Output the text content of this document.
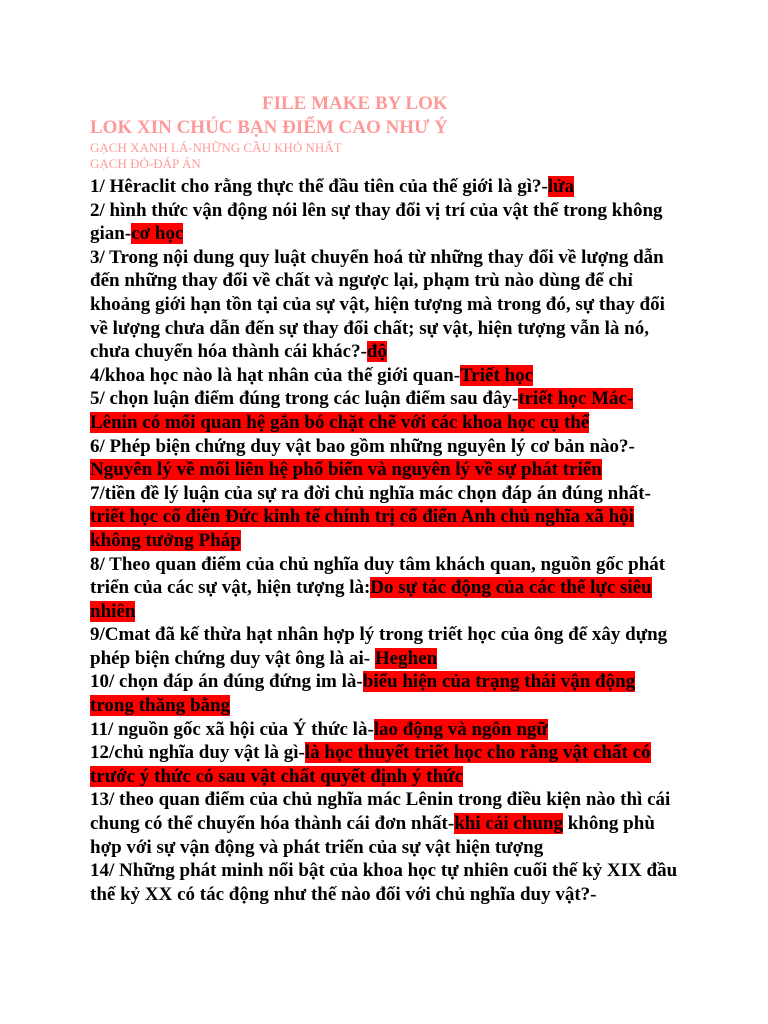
FILE MAKE BY LOK
LOK XIN CHÚC BẠN ĐIỂM CAO NHƯ Ý
GẠCH XANH LÁ-NHỮNG CẦU KHÓ NHẤT
GẠCH ĐỎ-ĐÁP ÁN
1/ Hêraclit cho rằng thực thể đầu tiên của thế giới là gì?-lửa
2/ hình thức vận động nói lên sự thay đổi vị trí của vật thể trong không gian-cơ học
3/ Trong nội dung quy luật chuyển hoá từ những thay đổi về lượng dẫn đến những thay đổi về chất và ngược lại, phạm trù nào dùng để chỉ khoảng giới hạn tồn tại của sự vật, hiện tượng mà trong đó, sự thay đổi về lượng chưa dẫn đến sự thay đổi chất; sự vật, hiện tượng vẫn là nó, chưa chuyển hóa thành cái khác?-độ
4/khoa học nào là hạt nhân của thế giới quan-Triết học
5/ chọn luận điểm đúng trong các luận điểm sau đây-triết học Mác-Lênin có mối quan hệ gắn bó chặt chẽ với các khoa học cụ thể
6/ Phép biện chứng duy vật bao gồm những nguyên lý cơ bản nào?-Nguyên lý về mối liên hệ phổ biến và nguyên lý về sự phát triển
7/tiền đề lý luận của sự ra đời chủ nghĩa mác chọn đáp án đúng nhất- triết học cổ điển Đức kinh tế chính trị cổ điển Anh chủ nghĩa xã hội không tưởng Pháp
8/ Theo quan điểm của chủ nghĩa duy tâm khách quan, nguồn gốc phát triển của các sự vật, hiện tượng là:Do sự tác động của các thế lực siêu nhiên
9/Cmat đã kế thừa hạt nhân hợp lý trong triết học của ông để xây dựng phép biện chứng duy vật ông là ai- Heghen
10/ chọn đáp án đúng đứng im là-biểu hiện của trạng thái vận động trong thăng bằng
11/ nguồn gốc xã hội của Ý thức là-lao động và ngôn ngữ
12/chủ nghĩa duy vật là gì-là học thuyết triết học cho rằng vật chất có trước ý thức có sau vật chất quyết định ý thức
13/ theo quan điểm của chủ nghĩa mác Lênin trong điều kiện nào thì cái chung có thể chuyển hóa thành cái đơn nhất-khi cái chung không phù hợp với sự vận động và phát triển của sự vật hiện tượng
14/ Những phát minh nổi bật của khoa học tự nhiên cuối thế kỷ XIX đầu thế kỷ XX có tác động như thế nào đối với chủ nghĩa duy vật?-
